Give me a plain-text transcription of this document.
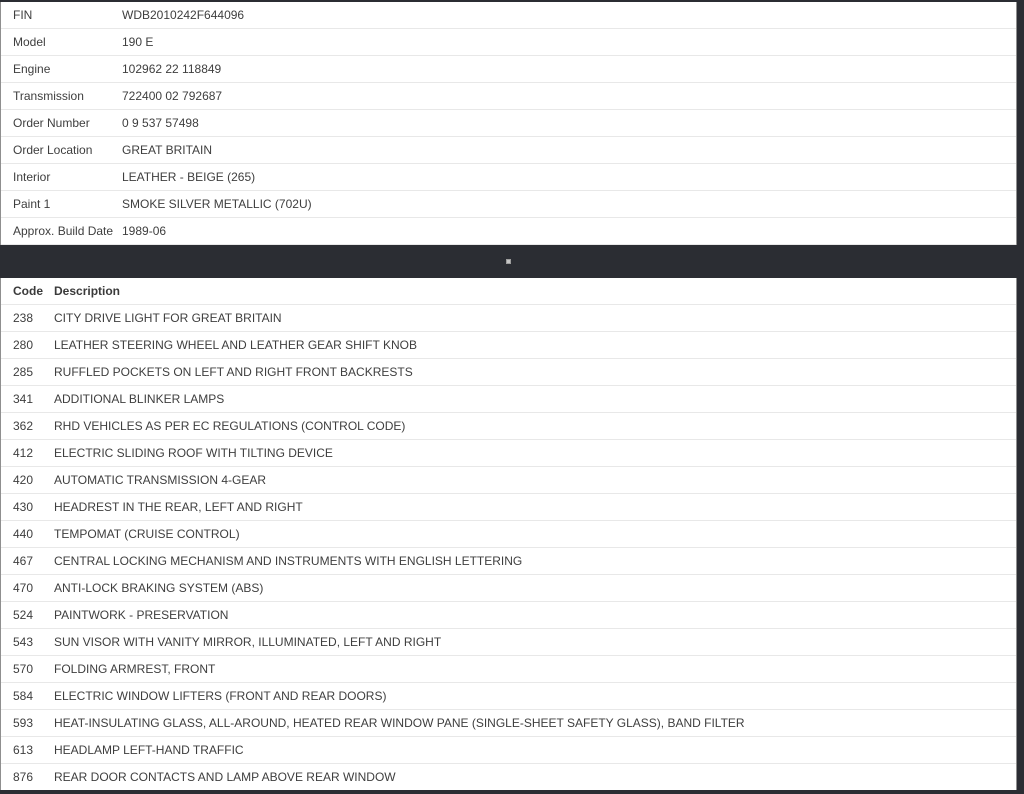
FIN	WDB2010242F644096
Model	190 E
Engine	102962 22 118849
Transmission	722400 02 792687
Order Number	0 9 537 57498
Order Location	GREAT BRITAIN
Interior	LEATHER - BEIGE (265)
Paint 1	SMOKE SILVER METALLIC (702U)
Approx. Build Date 1989-06
Code Description
238	CITY DRIVE LIGHT FOR GREAT BRITAIN
280	LEATHER STEERING WHEEL AND LEATHER GEAR SHIFT KNOB
285	RUFFLED POCKETS ON LEFT AND RIGHT FRONT BACKRESTS
341	ADDITIONAL BLINKER LAMPS
362	RHD VEHICLES AS PER EC REGULATIONS (CONTROL CODE)
412	ELECTRIC SLIDING ROOF WITH TILTING DEVICE
420	AUTOMATIC TRANSMISSION 4-GEAR
430	HEADREST IN THE REAR, LEFT AND RIGHT
440	TEMPOMAT (CRUISE CONTROL)
467	CENTRAL LOCKING MECHANISM AND INSTRUMENTS WITH ENGLISH LETTERING
470	ANTI-LOCK BRAKING SYSTEM (ABS)
524	PAINTWORK - PRESERVATION
543	SUN VISOR WITH VANITY MIRROR, ILLUMINATED, LEFT AND RIGHT
570	FOLDING ARMREST, FRONT
584	ELECTRIC WINDOW LIFTERS (FRONT AND REAR DOORS)
593	HEAT-INSULATING GLASS, ALL-AROUND, HEATED REAR WINDOW PANE (SINGLE-SHEET SAFETY GLASS), BAND FILTER
613	HEADLAMP LEFT-HAND TRAFFIC
876	REAR DOOR CONTACTS AND LAMP ABOVE REAR WINDOW
